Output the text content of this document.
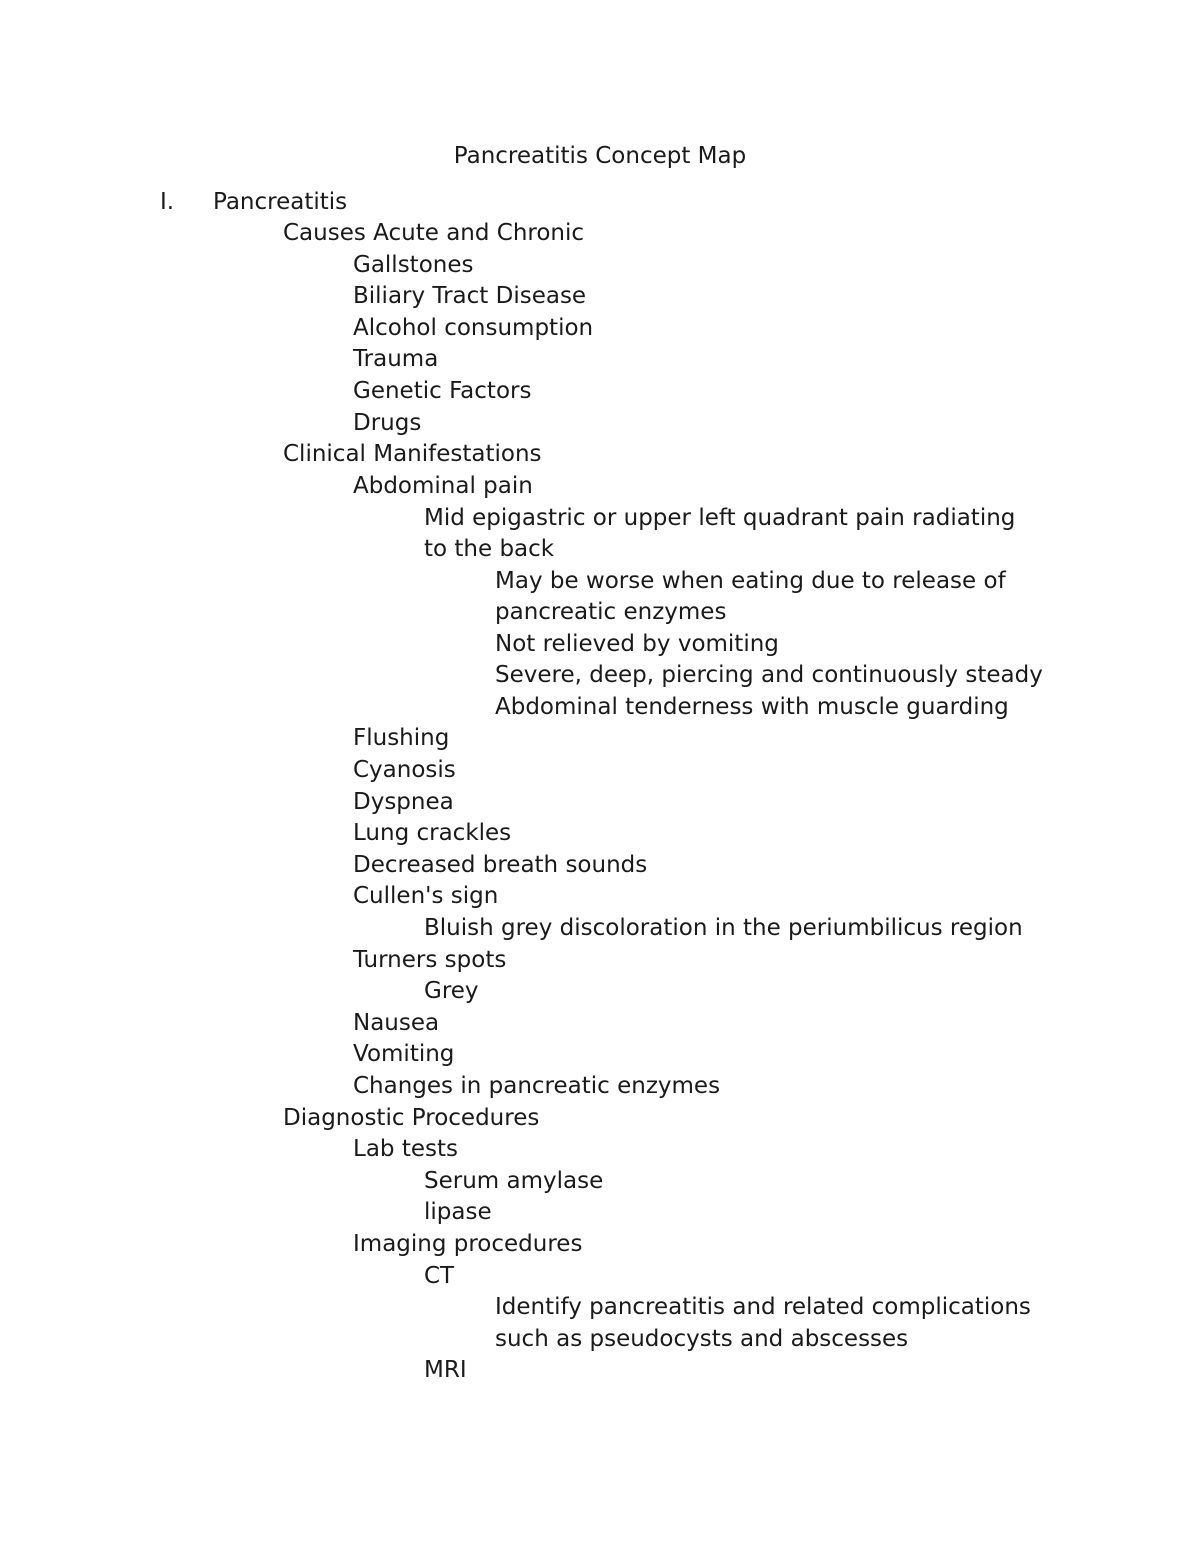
Pancreatitis Concept Map
I. Pancreatitis
Causes Acute and Chronic
Gallstones
Biliary Tract Disease
Alcohol consumption
Trauma
Genetic Factors
Drugs
Clinical Manifestations
Abdominal pain
Mid epigastric or upper left quadrant pain radiating
to the back
May be worse when eating due to release of
pancreatic enzymes
Not relieved by vomiting
Severe, deep, piercing and continuously steady
Abdominal tenderness with muscle guarding
Flushing
Cyanosis
Dyspnea
Lung crackles
Decreased breath sounds
Cullen's sign
Bluish grey discoloration in the periumbilicus region
Turners spots
Grey
Nausea
Vomiting
Changes in pancreatic enzymes
Diagnostic Procedures
Lab tests
Serum amylase
lipase
Imaging procedures
CT
Identify pancreatitis and related complications
such as pseudocysts and abscesses
MRI
